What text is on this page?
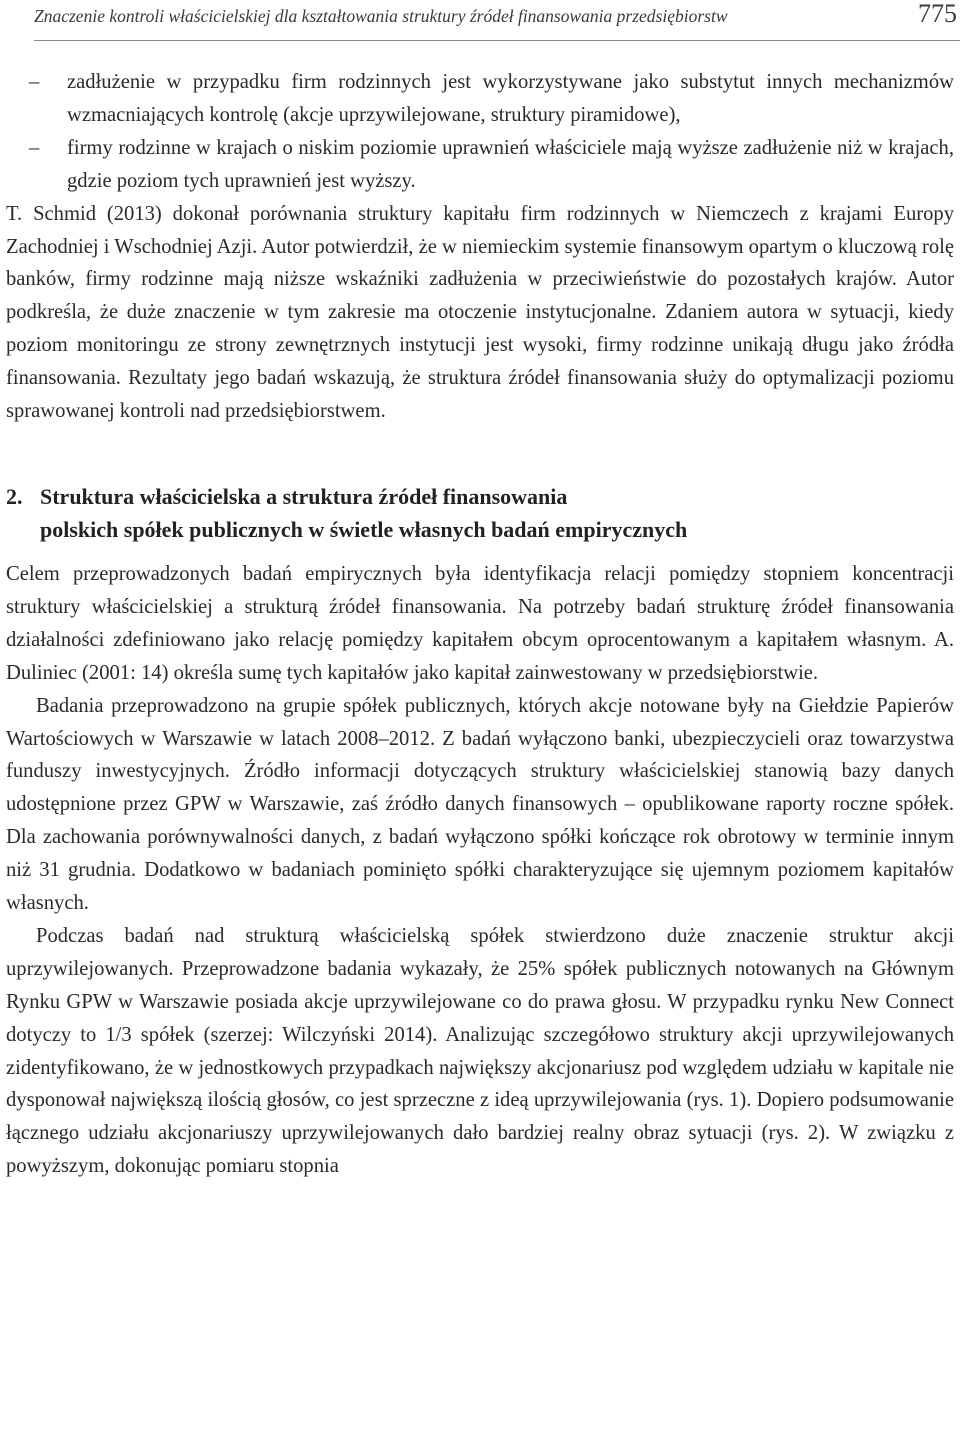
Znaczenie kontroli właścicielskiej dla kształtowania struktury źródeł finansowania przedsiębiorstw	775
– zadłużenie w przypadku firm rodzinnych jest wykorzystywane jako substytut innych mechanizmów wzmacniających kontrolę (akcje uprzywilejowane, struktury piramidowe),
– firmy rodzinne w krajach o niskim poziomie uprawnień właściciele mają wyższe zadłużenie niż w krajach, gdzie poziom tych uprawnień jest wyższy.

T. Schmid (2013) dokonał porównania struktury kapitału firm rodzinnych w Niemczech z krajami Europy Zachodniej i Wschodniej Azji. Autor potwierdził, że w niemieckim systemie finansowym opartym o kluczową rolę banków, firmy rodzinne mają niższe wskaźniki zadłużenia w przeciwieństwie do pozostałych krajów. Autor podkreśla, że duże znaczenie w tym zakresie ma otoczenie instytucjonalne. Zdaniem autora w sytuacji, kiedy poziom monitoringu ze strony zewnętrznych instytucji jest wysoki, firmy rodzinne unikają długu jako źródła finansowania. Rezultaty jego badań wskazują, że struktura źródeł finansowania służy do optymalizacji poziomu sprawowanej kontroli nad przedsiębiorstwem.

2. Struktura właścicielska a struktura źródeł finansowania
polskich spółek publicznych w świetle własnych badań empirycznych

Celem przeprowadzonych badań empirycznych była identyfikacja relacji pomiędzy stopniem koncentracji struktury właścicielskiej a strukturą źródeł finansowania. Na potrzeby badań strukturę źródeł finansowania działalności zdefiniowano jako relację pomiędzy kapitałem obcym oprocentowanym a kapitałem własnym. A. Duliniec (2001: 14) określa sumę tych kapitałów jako kapitał zainwestowany w przedsiębiorstwie.

Badania przeprowadzono na grupie spółek publicznych, których akcje notowane były na Giełdzie Papierów Wartościowych w Warszawie w latach 2008–2012. Z badań wyłączono banki, ubezpieczycieli oraz towarzystwa funduszy inwestycyjnych. Źródło informacji dotyczących struktury właścicielskiej stanowią bazy danych udostępnione przez GPW w Warszawie, zaś źródło danych finansowych – opublikowane raporty roczne spółek. Dla zachowania porównywalności danych, z badań wyłączono spółki kończące rok obrotowy w terminie innym niż 31 grudnia. Dodatkowo w badaniach pominięto spółki charakteryzujące się ujemnym poziomem kapitałów własnych.

Podczas badań nad strukturą właścicielską spółek stwierdzono duże znaczenie struktur akcji uprzywilejowanych. Przeprowadzone badania wykazały, że 25% spółek publicznych notowanych na Głównym Rynku GPW w Warszawie posiada akcje uprzywilejowane co do prawa głosu. W przypadku rynku New Connect dotyczy to 1/3 spółek (szerzej: Wilczyński 2014). Analizując szczegółowo struktury akcji uprzywilejowanych zidentyfikowano, że w jednostkowych przypadkach największy akcjonariusz pod względem udziału w kapitale nie dysponował największą ilością głosów, co jest sprzeczne z ideą uprzywilejowania (rys. 1). Dopiero podsumowanie łącznego udziału akcjonariuszy uprzywilejowanych dało bardziej realny obraz sytuacji (rys. 2). W związku z powyższym, dokonując pomiaru stopnia
